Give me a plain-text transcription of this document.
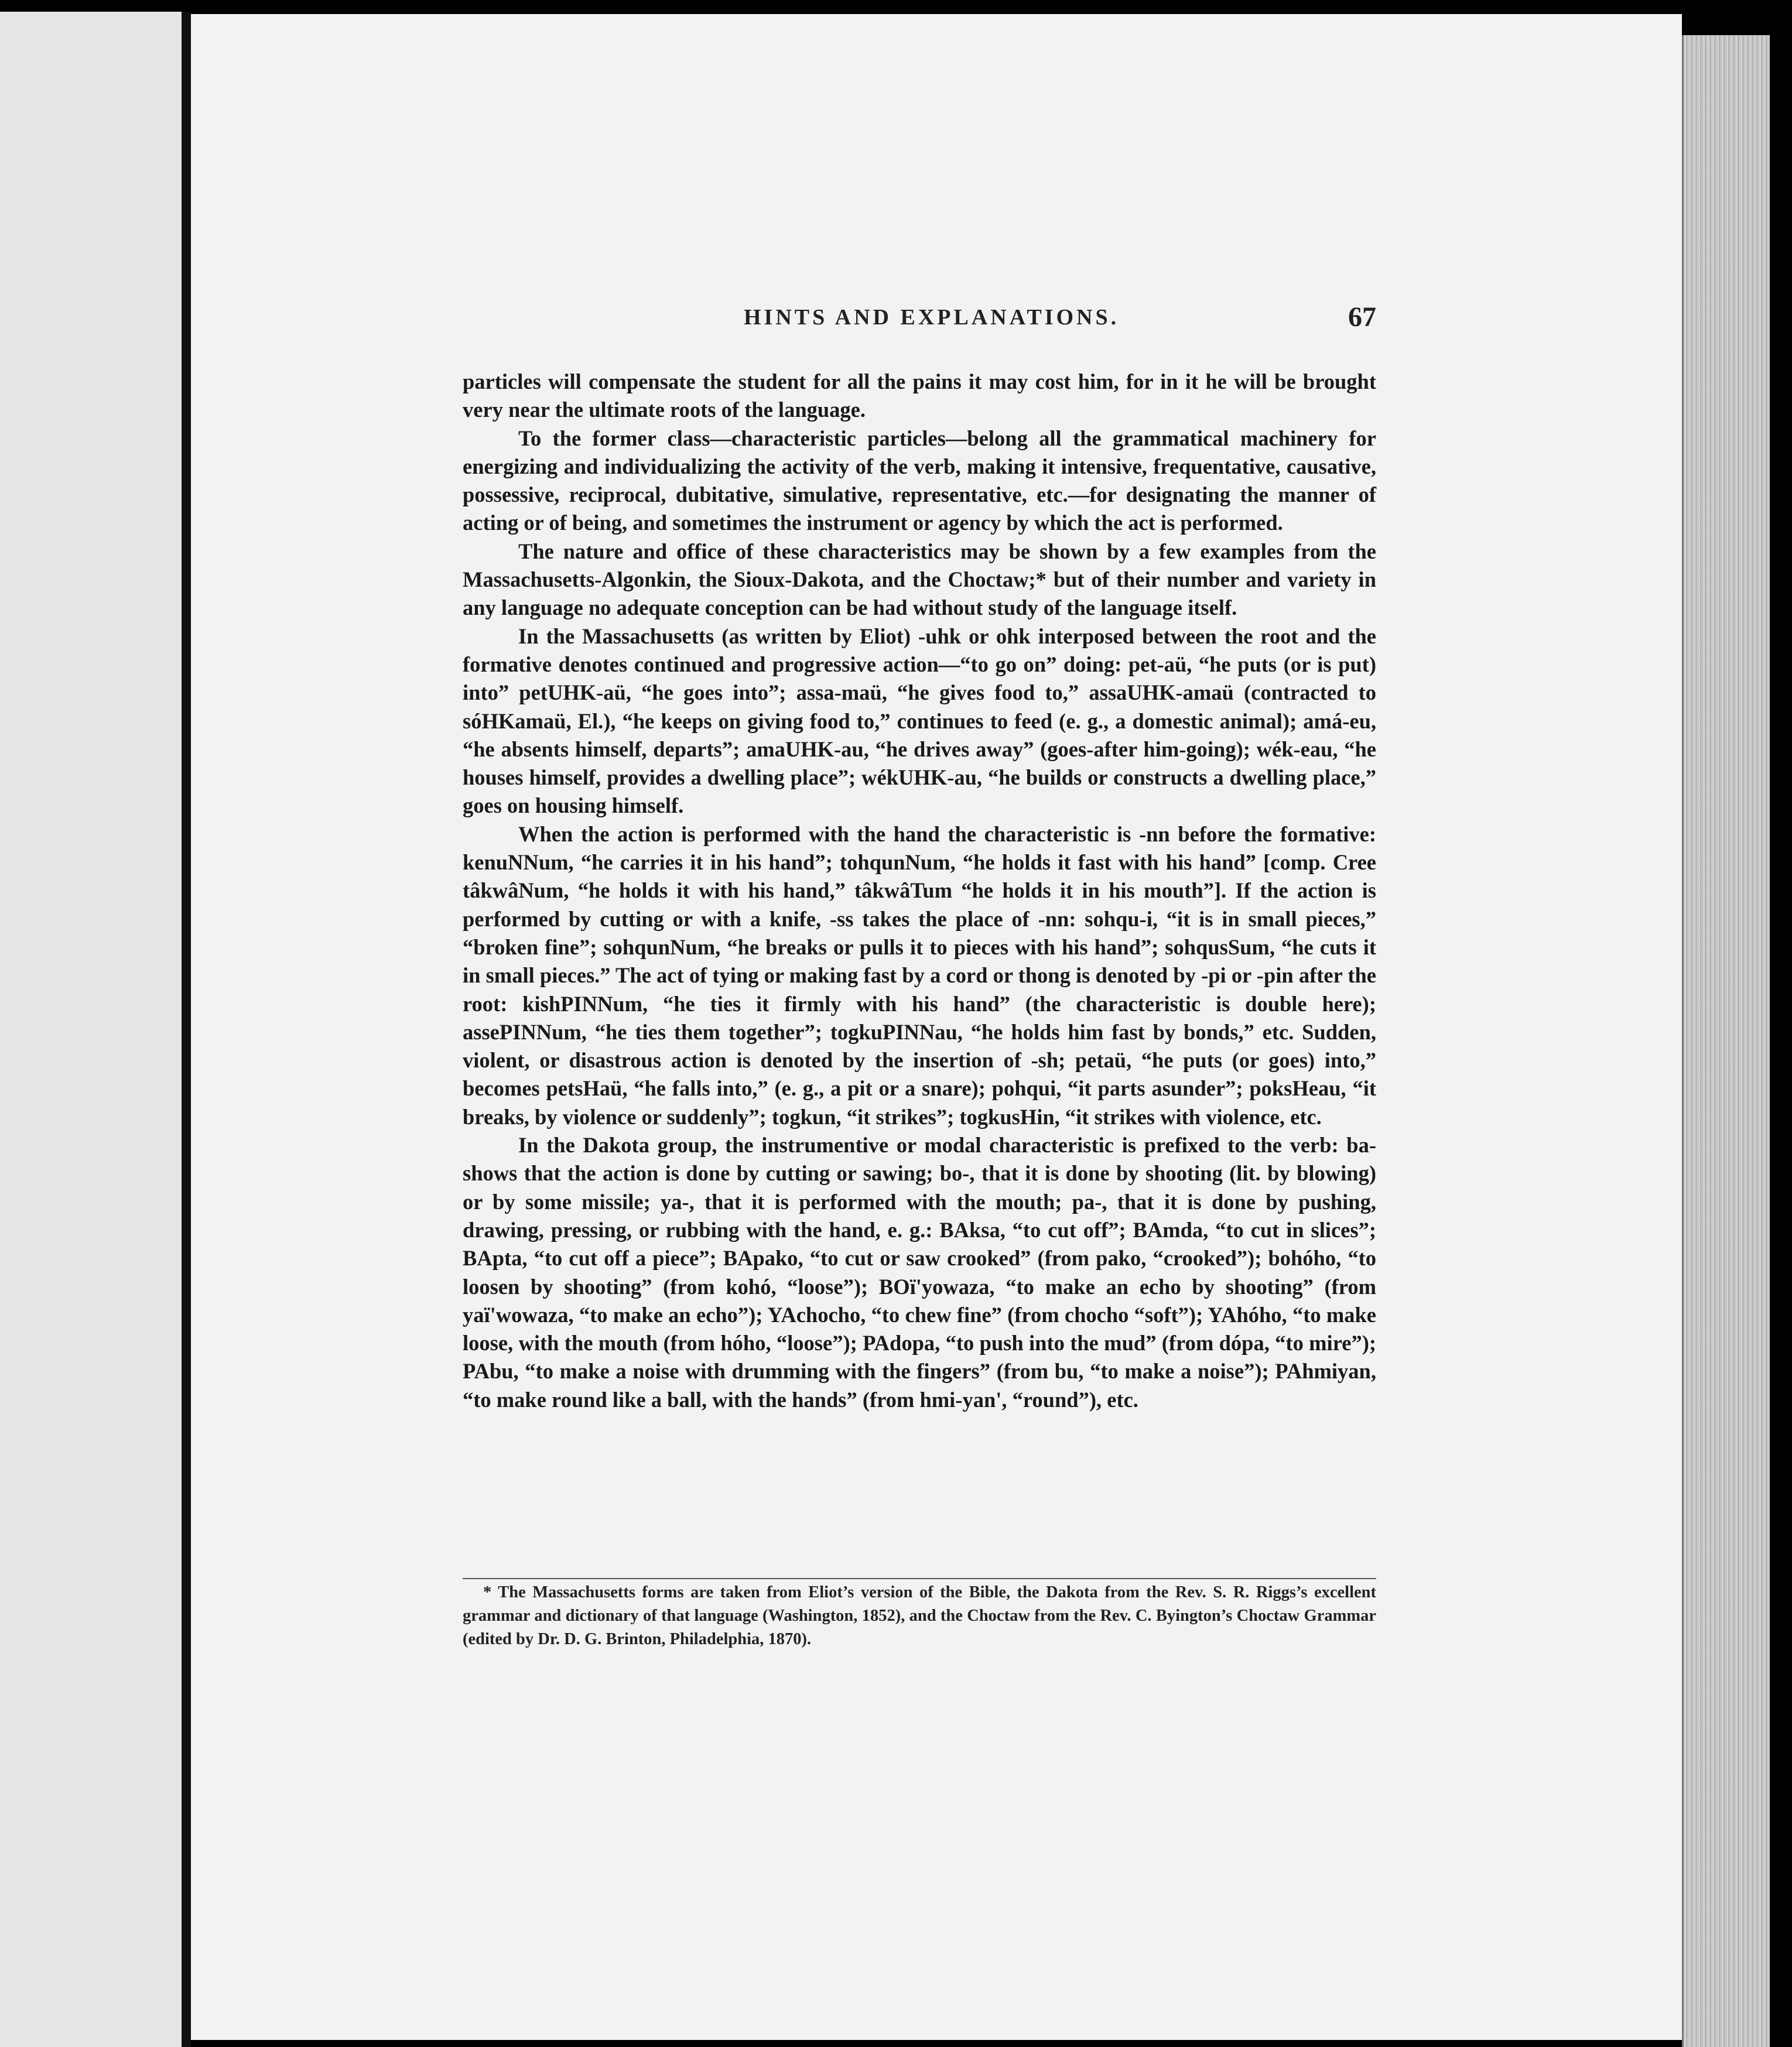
HINTS AND EXPLANATIONS.	67

particles will compensate the student for all the pains it may cost him, for in it he will be brought very near the ultimate roots of the language.

To the former class—characteristic particles—belong all the grammatical machinery for energizing and individualizing the activity of the verb, making it intensive, frequentative, causative, possessive, reciprocal, dubitative, simulative, representative, etc.—for designating the manner of acting or of being, and sometimes the instrument or agency by which the act is performed.

The nature and office of these characteristics may be shown by a few examples from the Massachusetts-Algonkin, the Sioux-Dakota, and the Choctaw;* but of their number and variety in any language no adequate conception can be had without study of the language itself.

In the Massachusetts (as written by Eliot) -uhk or ohk interposed between the root and the formative denotes continued and progressive action—“to go on” doing: pet-aü, “he puts (or is put) into” petUHK-aü, “he goes into”; assa-maü, “he gives food to,” assaUHK-amaü (contracted to sóHKamaü, El.), “he keeps on giving food to,” continues to feed (e. g., a domestic animal); amá-eu, “he absents himself, departs”; amaUHK-au, “he drives away” (goes-after him-going); wék-eau, “he houses himself, provides a dwelling place”; wékUHK-au, “he builds or constructs a dwelling place,” goes on housing himself.

When the action is performed with the hand the characteristic is -nn before the formative: kenuNNum, “he carries it in his hand”; tohqunNum, “he holds it fast with his hand” [comp. Cree tâkwâNum, “he holds it with his hand,” tâkwâTum “he holds it in his mouth”]. If the action is performed by cutting or with a knife, -ss takes the place of -nn: sohqu-i, “it is in small pieces,” “broken fine”; sohqunNum, “he breaks or pulls it to pieces with his hand”; sohqusSum, “he cuts it in small pieces.” The act of tying or making fast by a cord or thong is denoted by -pi or -pin after the root: kishPINNum, “he ties it firmly with his hand” (the characteristic is double here); assePINNum, “he ties them together”; togkuPINNau, “he holds him fast by bonds,” etc. Sudden, violent, or disastrous action is denoted by the insertion of -sh; petaü, “he puts (or goes) into,” becomes petsHaü, “he falls into,” (e. g., a pit or a snare); pohqui, “it parts asunder”; poksHeau, “it breaks, by violence or suddenly”; togkun, “it strikes”; togkusHin, “it strikes with violence, etc.

In the Dakota group, the instrumentive or modal characteristic is prefixed to the verb: ba- shows that the action is done by cutting or sawing; bo-, that it is done by shooting (lit. by blowing) or by some missile; ya-, that it is performed with the mouth; pa-, that it is done by pushing, drawing, pressing, or rubbing with the hand, e. g.: BAksa, “to cut off”; BAmda, “to cut in slices”; BApta, “to cut off a piece”; BApako, “to cut or saw crooked” (from pako, “crooked”); bohóho, “to loosen by shooting” (from kohó, “loose”); BOï'yowaza, “to make an echo by shooting” (from yaï'wowaza, “to make an echo”); YAchocho, “to chew fine” (from chocho “soft”); YAhóho, “to make loose, with the mouth (from hóho, “loose”); PAdopa, “to push into the mud” (from dópa, “to mire”); PAbu, “to make a noise with drumming with the fingers” (from bu, “to make a noise”); PAhmiyan, “to make round like a ball, with the hands” (from hmi-yan', “round”), etc.

* The Massachusetts forms are taken from Eliot’s version of the Bible, the Dakota from the Rev. S. R. Riggs’s excellent grammar and dictionary of that language (Washington, 1852), and the Choctaw from the Rev. C. Byington’s Choctaw Grammar (edited by Dr. D. G. Brinton, Philadelphia, 1870).
